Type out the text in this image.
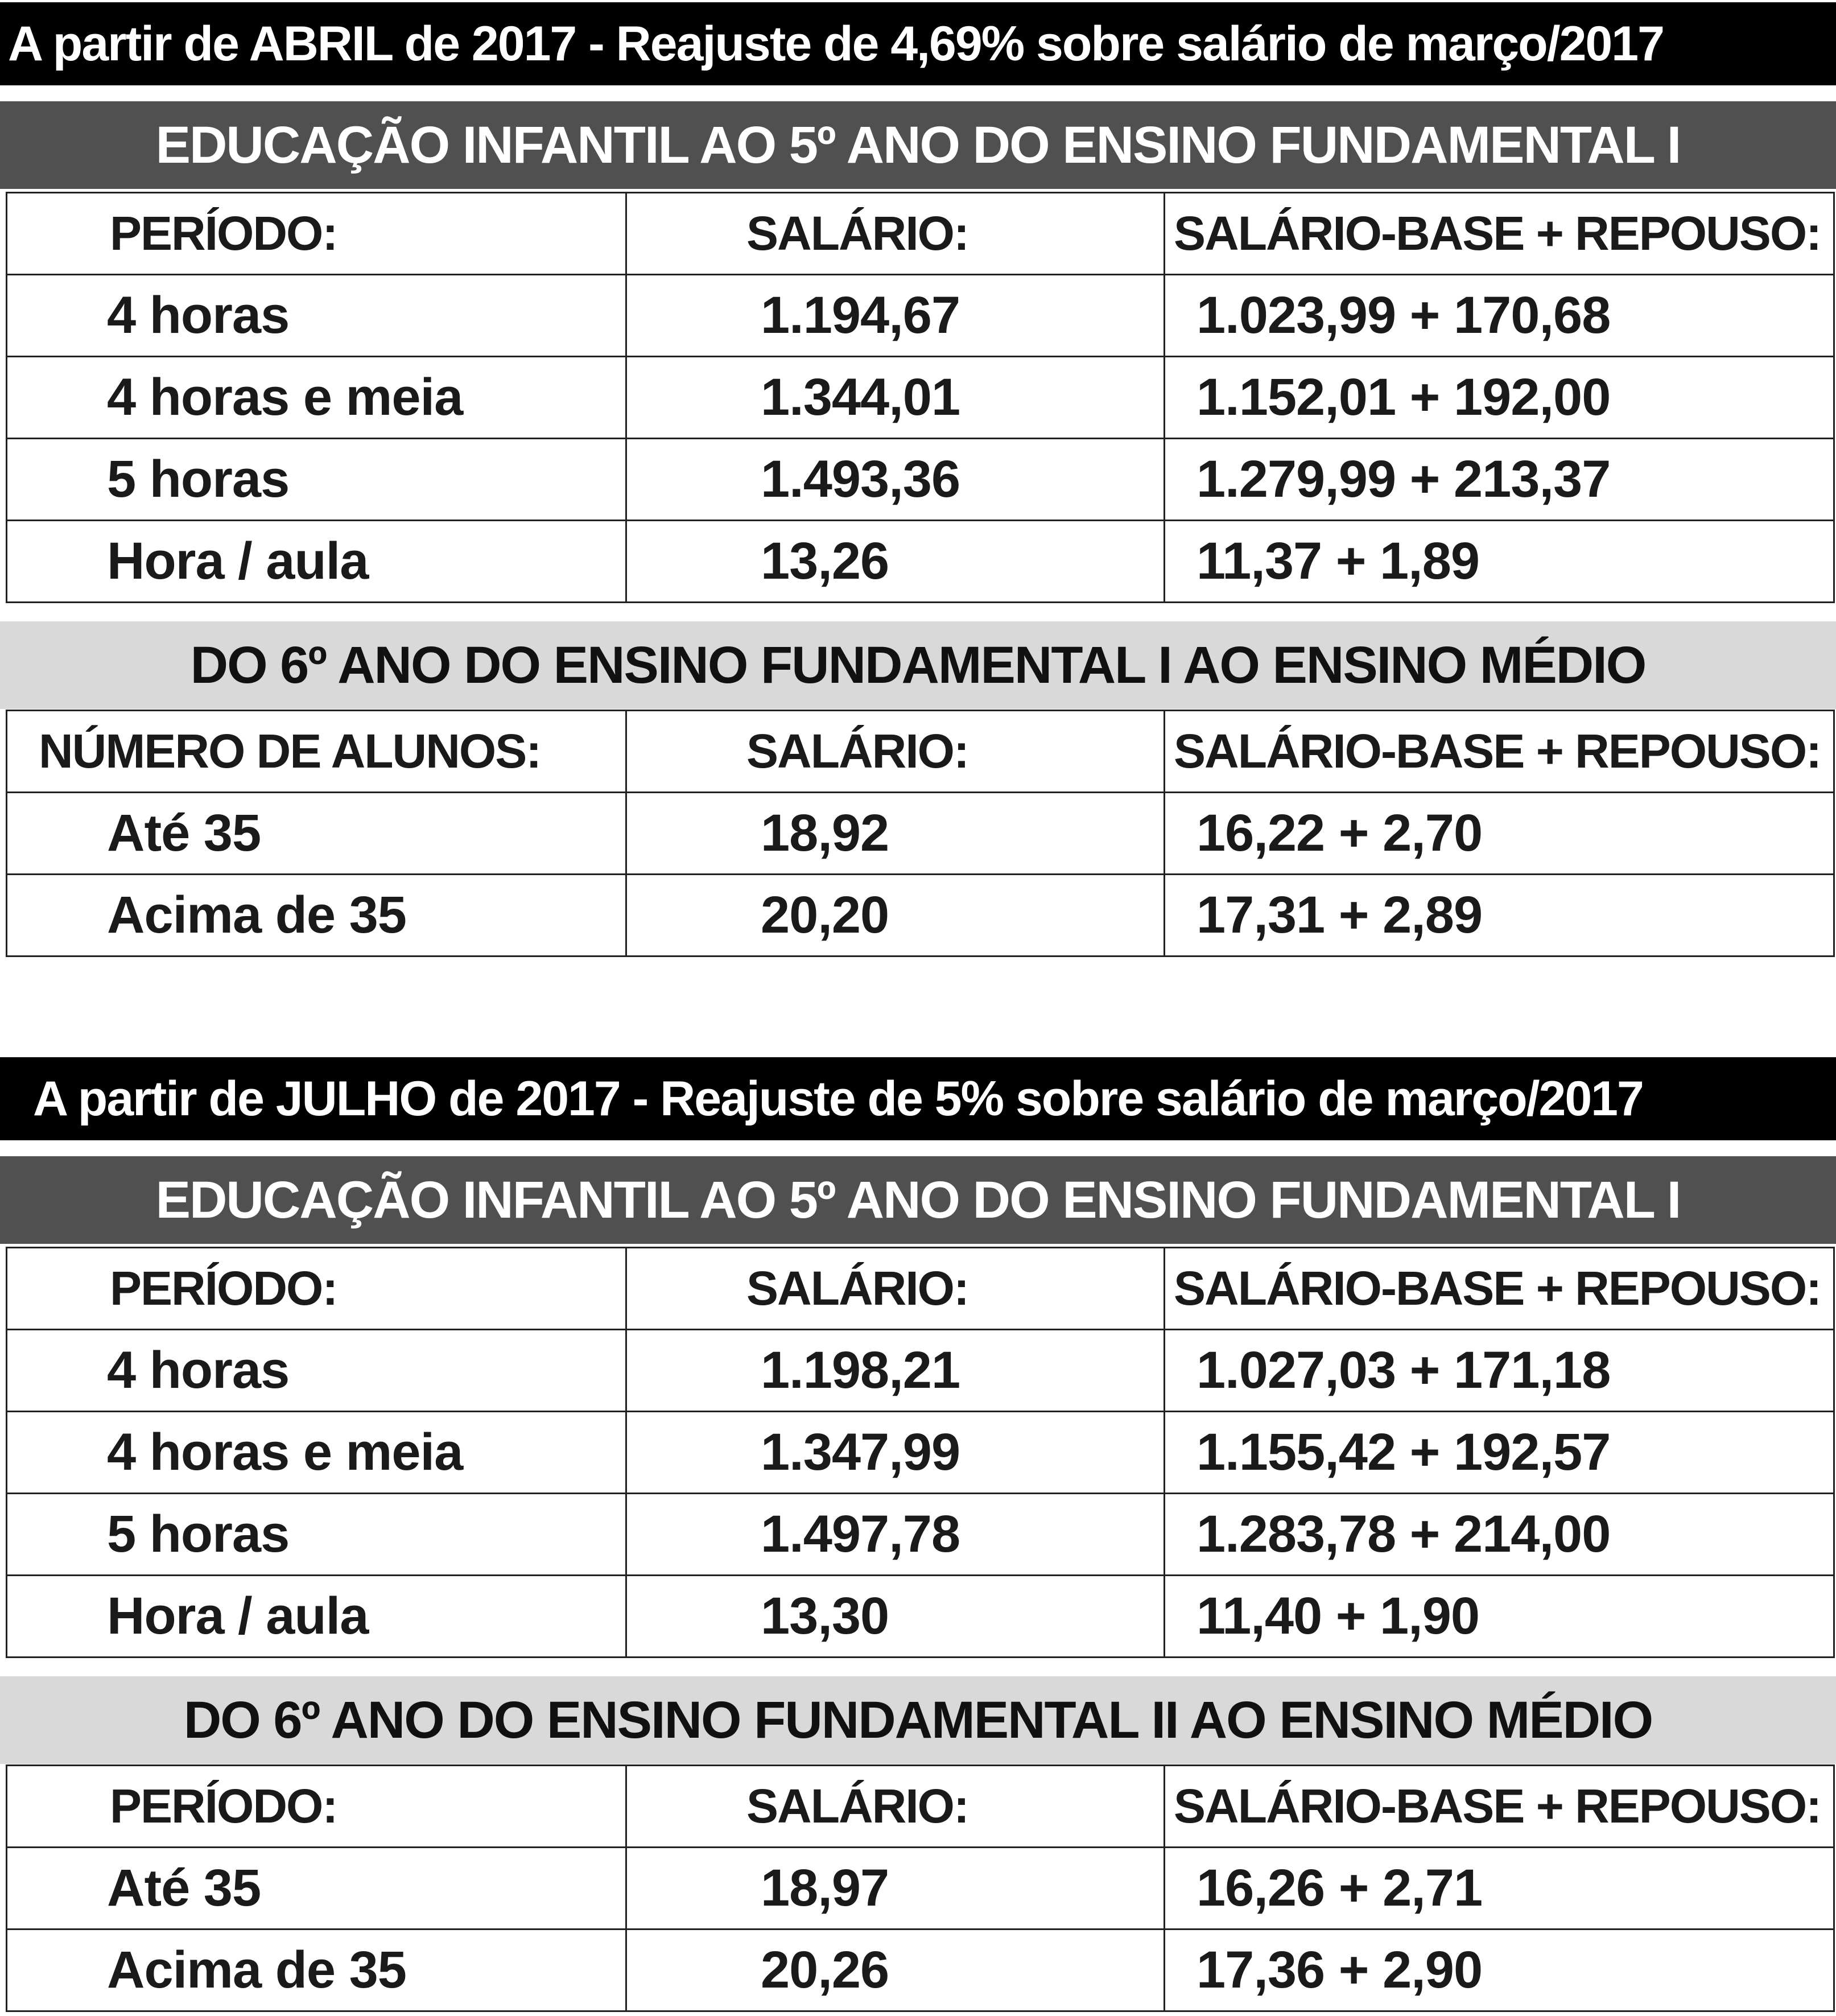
A partir de ABRIL de 2017 - Reajuste de 4,69% sobre salário de março/2017
EDUCAÇÃO INFANTIL AO 5º ANO DO ENSINO FUNDAMENTAL I
PERÍODO:	SALÁRIO:	SALÁRIO-BASE + REPOUSO:
4 horas	1.194,67	1.023,99 + 170,68
4 horas e meia	1.344,01	1.152,01 + 192,00
5 horas	1.493,36	1.279,99 + 213,37
Hora / aula	13,26	11,37 + 1,89
DO 6º ANO DO ENSINO FUNDAMENTAL I AO ENSINO MÉDIO
NÚMERO DE ALUNOS:	SALÁRIO:	SALÁRIO-BASE + REPOUSO:
Até 35	18,92	16,22 + 2,70
Acima de 35	20,20	17,31 + 2,89
A partir de JULHO de 2017 - Reajuste de 5% sobre salário de março/2017
EDUCAÇÃO INFANTIL AO 5º ANO DO ENSINO FUNDAMENTAL I
PERÍODO:	SALÁRIO:	SALÁRIO-BASE + REPOUSO:
4 horas	1.198,21	1.027,03 + 171,18
4 horas e meia	1.347,99	1.155,42 + 192,57
5 horas	1.497,78	1.283,78 + 214,00
Hora / aula	13,30	11,40 + 1,90
DO 6º ANO DO ENSINO FUNDAMENTAL II AO ENSINO MÉDIO
PERÍODO:	SALÁRIO:	SALÁRIO-BASE + REPOUSO:
Até 35	18,97	16,26 + 2,71
Acima de 35	20,26	17,36 + 2,90
